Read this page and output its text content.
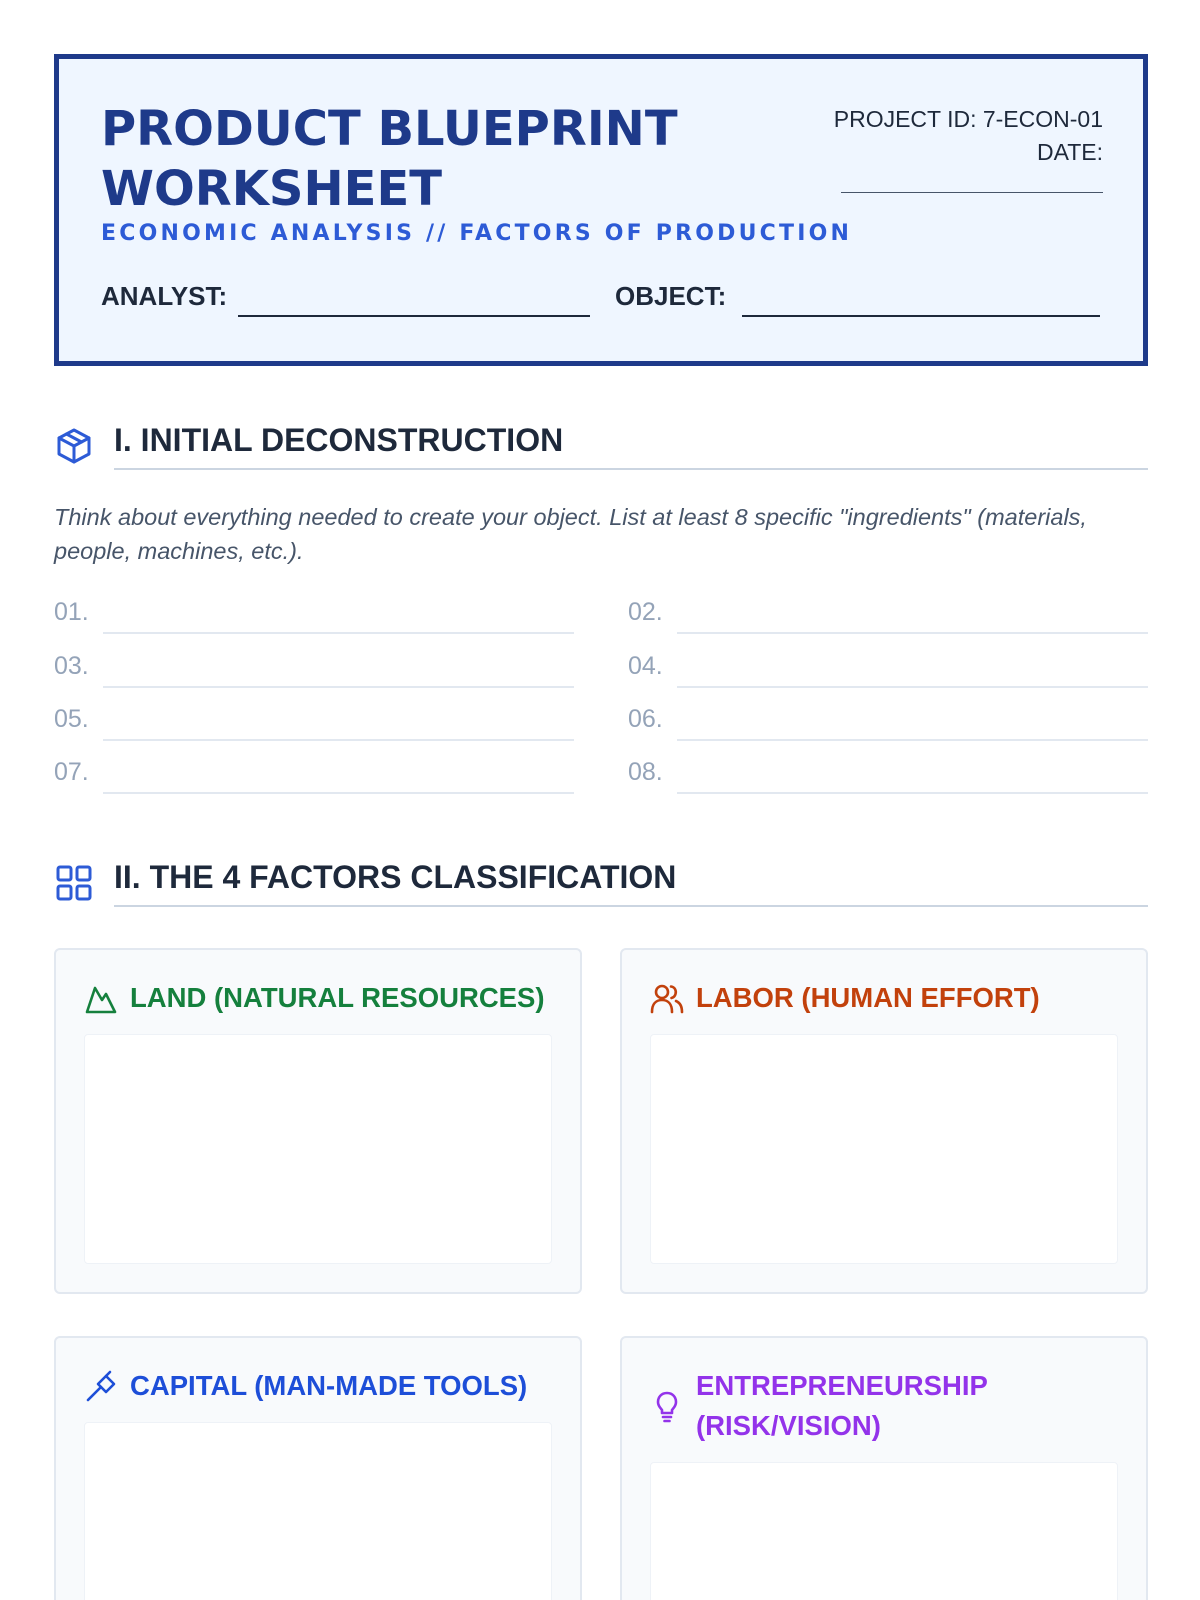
PRODUCT BLUEPRINT WORKSHEET
ECONOMIC ANALYSIS // FACTORS OF PRODUCTION
PROJECT ID: 7-ECON-01
DATE:
ANALYST:	OBJECT:
I. INITIAL DECONSTRUCTION
Think about everything needed to create your object. List at least 8 specific "ingredients" (materials, people, machines, etc.).
01.	02.
03.	04.
05.	06.
07.	08.
II. THE 4 FACTORS CLASSIFICATION
LAND (NATURAL RESOURCES)	LABOR (HUMAN EFFORT)
CAPITAL (MAN-MADE TOOLS)	ENTREPRENEURSHIP (RISK/VISION)
